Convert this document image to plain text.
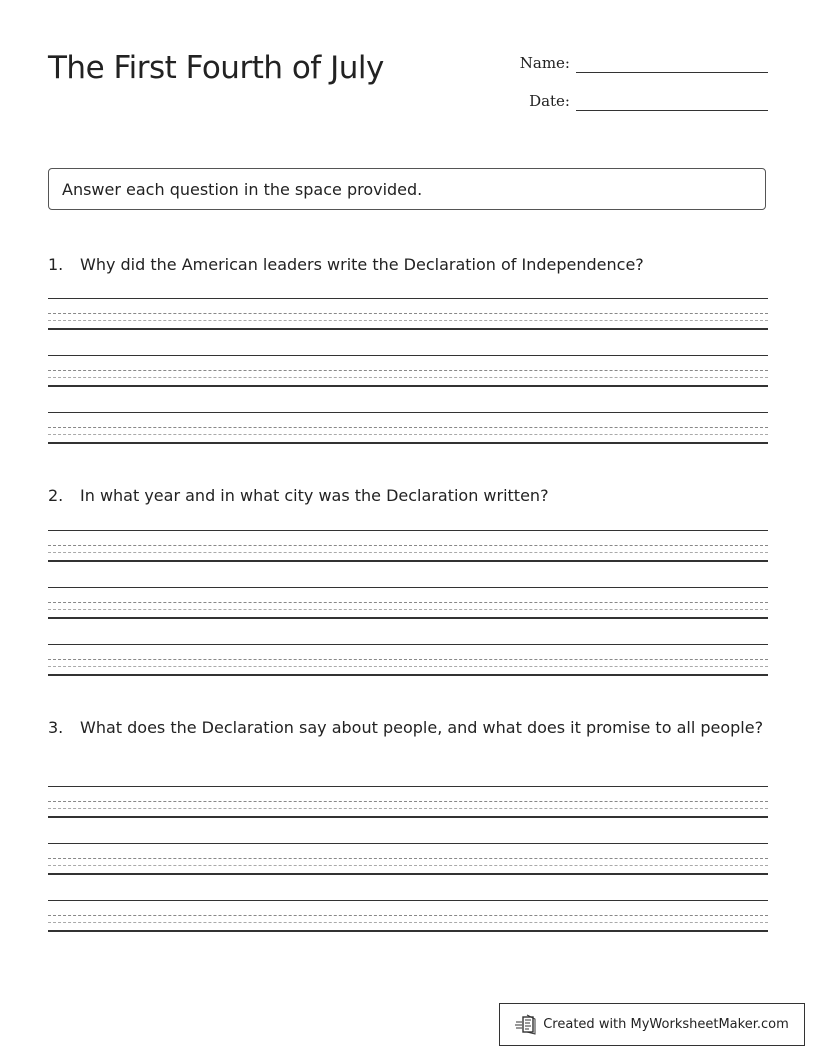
The First Fourth of July	Name:
Date:
Answer each question in the space provided.
1.	Why did the American leaders write the Declaration of Independence?
2.	In what year and in what city was the Declaration written?
3.	What does the Declaration say about people, and what does it promise to all people?
Created with MyWorksheetMaker.com
